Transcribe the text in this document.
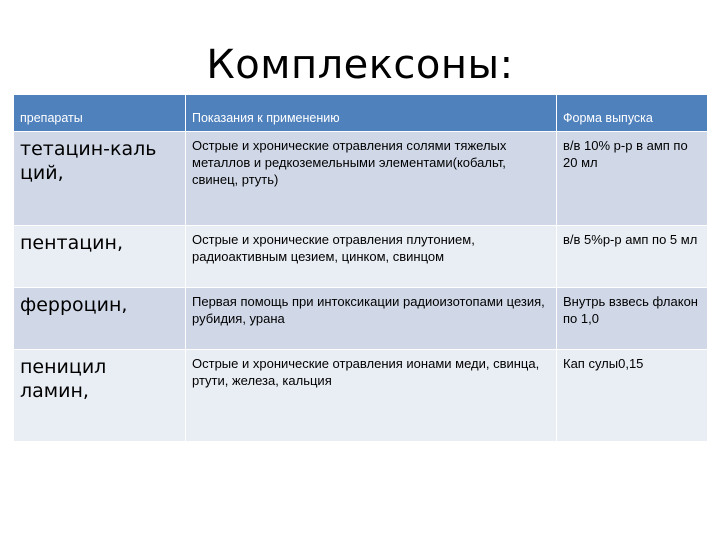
Комплексоны:
препараты	Показания к применению	Форма выпуска
тетацин-каль ций,	Острые и хронические отравления солями тяжелых металлов и редкоземельными элементами(кобальт, свинец, ртуть)	в/в 10% р-р в амп по 20 мл
пентацин,	Острые и хронические отравления плутонием, радиоактивным цезием, цинком, свинцом	в/в 5%р-р амп по 5 мл
ферроцин,	Первая помощь при интоксикации радиоизотопами цезия, рубидия, урана	Внутрь взвесь флакон по 1,0
пеницил ламин,	Острые и хронические отравления ионами меди, свинца, ртути, железа, кальция	Кап сулы0,15
